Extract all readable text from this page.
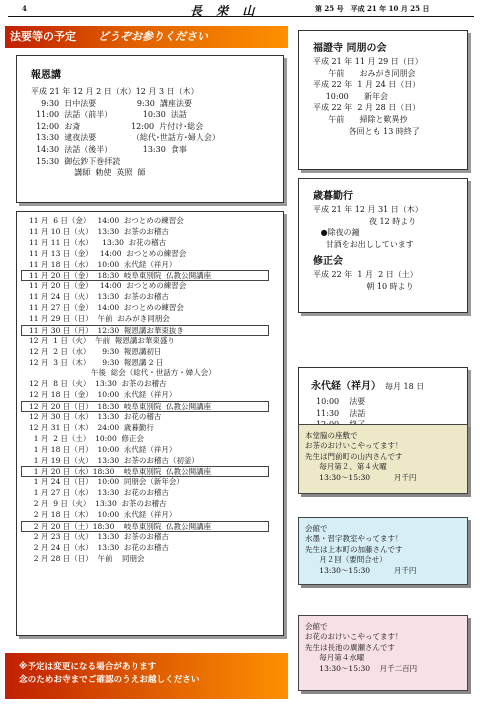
4	長 栄 山	第 25 号　平成 21 年 10 月 25 日
法要等の予定 どうぞお参りください
報恩講
平成 21 年 12 月 2 日（水）12 月 3 日（木）
9:30  日中法要                9:30  講座法要
11:00  法話（前半）            10:30  法話
12:00  お斎                    12:00  片付け･総会
13:30  逮夜法要              （総代･世話方･婦人会）
14:30  法話（後半）            13:30  食事
15:30  御伝鈔下巻拝読
講師  勅使  英照  師
11 月  6 日（金）   14:00  おつとめの練習会
11 月 10 日（火）  13:30  お茶のお稽古
11 月 11 日（水）    13:30  お花の稽古
11 月 13 日（金）   14:00  おつとめの練習会
11 月 18 日（水）  10:00  永代経（祥月）
11 月 20 日（金）  18:30  岐阜東別院  仏教公開講座
11 月 20 日（金）   14:00  おつとめの練習会
11 月 24 日（火）  13:30  お茶のお稽古
11 月 27 日（金）  14:00  おつとめの練習会
11 月 29 日（日）  午前  おみがき同朋会
11 月 30 日（月）  12:30  報恩講お華束抜き
12 月  1 日（火）  午前  報恩講お華束盛り
12 月  2 日（水）     9:30  報恩講初日
12 月  3 日（木）     9:30  報恩講 2 日
午後  総会（総代・世話方・婦人会）
12 月  8 日（火）  13:30  お茶のお稽古
12 月 18 日（金）  10:00  永代経（祥月）
12 月 20 日（日）  18:30  岐阜東別院  仏教公開講座
12 月 30 日（水）  13:30  お花の稽古
12 月 31 日（木）  24:00  歳暮勤行
1 月  2 日（土）  10:00  修正会
1 月 18 日（月）  10:00  永代経（祥月）
1 月 19 日（火）  13:30  お茶のお稽古（初釜）
1 月 20 日（水）18:30    岐阜東別院  仏教公開講座
1 月 24 日（日）  10:00  同朋会（新年会）
1 月 27 日（水）  13:30  お花のお稽古
2 月  9 日（火）  13:30  お茶のお稽古
2 月 18 日（木）  10:00  永代経（祥月）
2 月 20 日（土）18:30    岐阜東別院  仏教公開講座
2 月 23 日（火）  13:30  お茶のお稽古
2 月 24 日（水）  13:30  お花のお稽古
2 月 28 日（日）  午前    同朋会
※予定は変更になる場合があります
念のためお寺までご確認のうえお越しください
福證寺 同朋の会
平成 21 年 11 月 29 日（日）
午前      おみがき同朋会
平成 22 年  1 月 24 日（日）
10:00      新年会
平成 22 年  2 月 28 日（日）
午前      掃除と歎異抄
各回とも 13 時終了
歳暮勤行
平成 21 年 12 月 31 日（木）
夜 12 時より
●除夜の鐘
甘酒をお出ししています
修正会
平成 22 年  1 月  2 日（土）
朝 10 時より
永代経（祥月） 毎月 18 日
10:00    法要
11:30    法話
本堂脇の座敷で
お茶のおけいこやってます！
先生は門前町の山内さんです
毎月第２、第４火曜
13:30～15:30          月千円
会館で
水墨・習字教室やってます！
先生は上本町の加藤さんです
月２回（要問合せ）
13:30～15:30          月千円
会館で
お花のおけいこやってます！
先生は長池の廣瀬さんです
毎月第４水曜
13:30～15:30    月千二百円
